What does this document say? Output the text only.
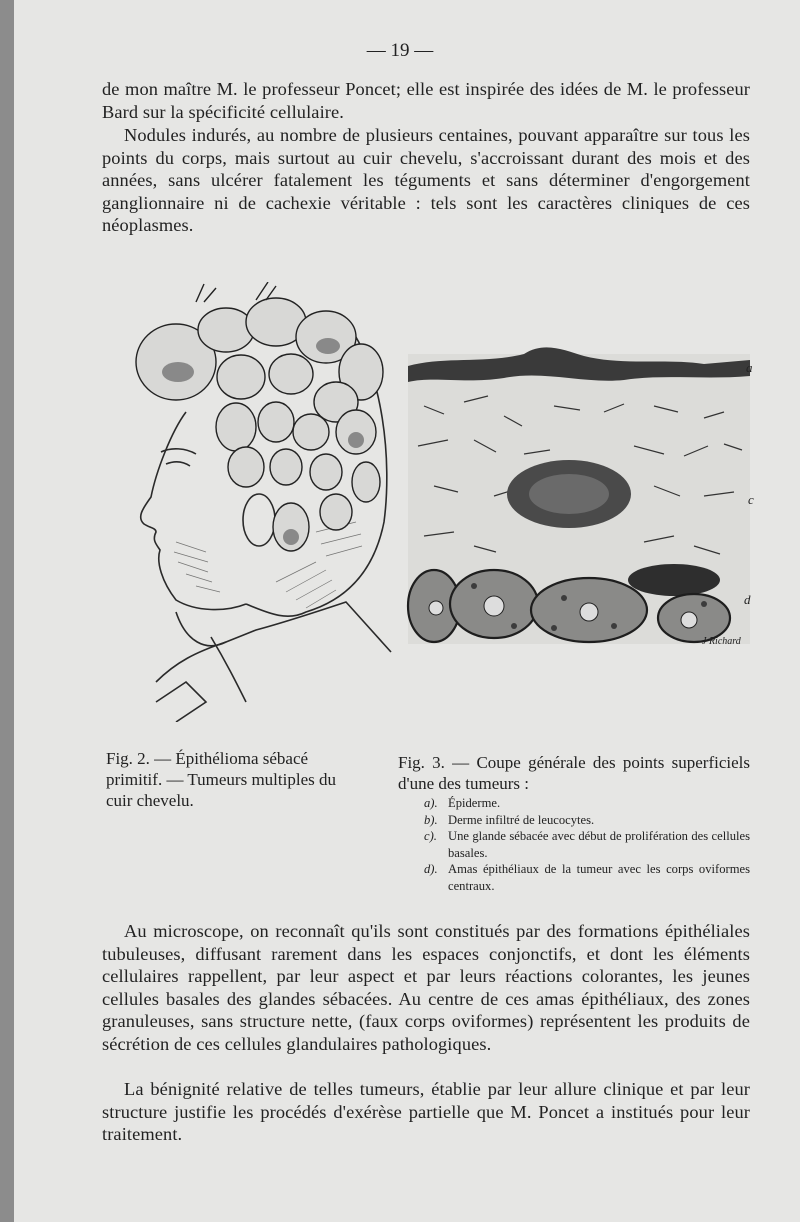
— 19 —
de mon maître M. le professeur Poncet; elle est inspirée des idées de M. le professeur Bard sur la spécificité cellulaire.
Nodules indurés, au nombre de plusieurs centaines, pouvant apparaître sur tous les points du corps, mais surtout au cuir chevelu, s'accroissant durant des mois et des années, sans ulcérer fatalement les téguments et sans déterminer d'engorgement ganglionnaire ni de cachexie véritable : tels sont les caractères cliniques de ces néoplasmes.
a
c
d
J Richard
Fig. 2. — Épithélioma sébacé primitif. — Tumeurs multiples du cuir chevelu.
Fig. 3. — Coupe générale des points superficiels d'une des tumeurs :
a). Épiderme.
b). Derme infiltré de leucocytes.
c). Une glande sébacée avec début de prolifération des cellules basales.
d). Amas épithéliaux de la tumeur avec les corps oviformes centraux.
Au microscope, on reconnaît qu'ils sont constitués par des formations épithéliales tubuleuses, diffusant rarement dans les espaces conjonctifs, et dont les éléments cellulaires rappellent, par leur aspect et par leurs réactions colorantes, les jeunes cellules basales des glandes sébacées. Au centre de ces amas épithéliaux, des zones granuleuses, sans structure nette, (faux corps oviformes) représentent les produits de sécrétion de ces cellules glandulaires pathologiques.
La bénignité relative de telles tumeurs, établie par leur allure clinique et par leur structure justifie les procédés d'exérèse partielle que M. Poncet a institués pour leur traitement.
